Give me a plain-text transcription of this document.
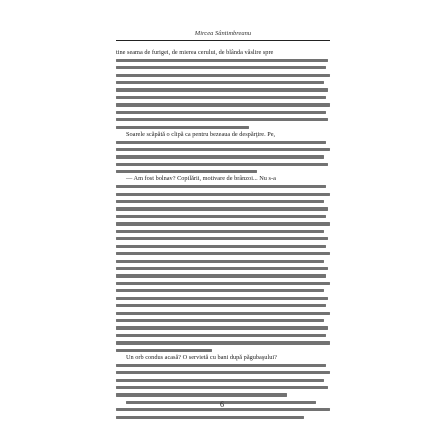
Mircea Sântimbreanu
tine seama de furigei, de mierea cerului, de blânda vâslire spre
Soarele scăpătă o clipă ca pentru bezeaua de despărţire. Pe,
— Am fost bolnav? Copilării, motivare de brânzoi... Nu s-a
Un orb condus acasă? O servietă cu bani după păgubaşului?
6
